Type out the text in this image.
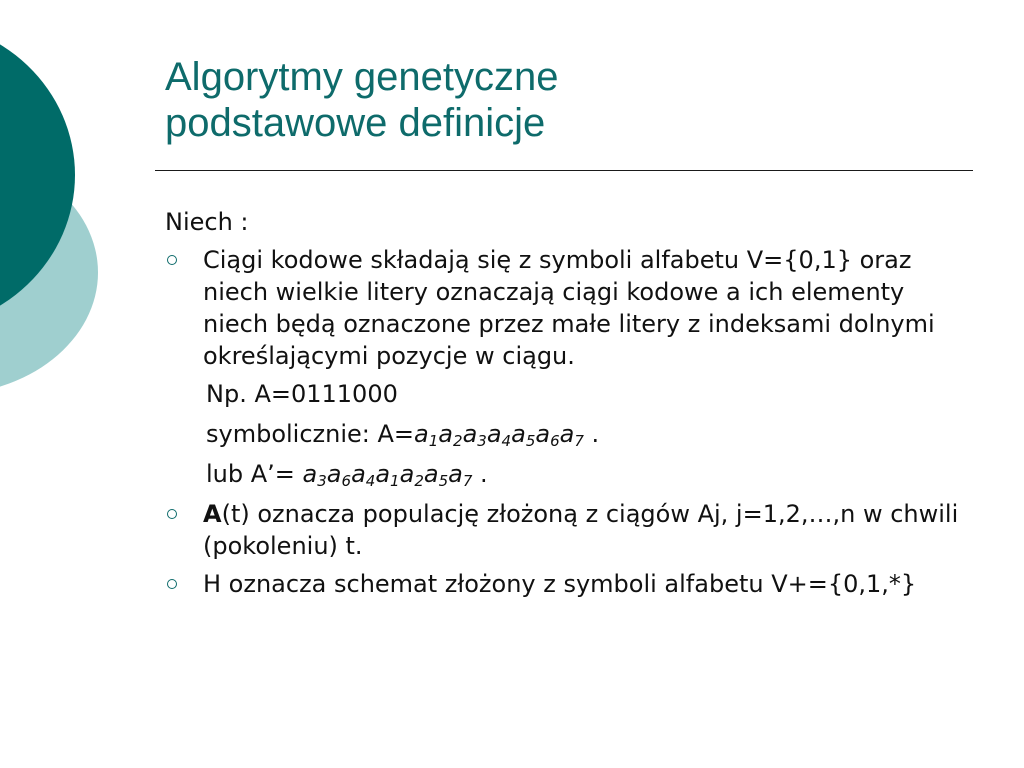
Algorytmy genetyczne
podstawowe definicje

Niech :

Ciągi kodowe składają się z symboli alfabetu V={0,1} oraz niech wielkie litery oznaczają ciągi kodowe a ich elementy niech będą oznaczone przez małe litery z indeksami dolnymi określającymi pozycje w ciągu.

Np. A=0111000

symbolicznie: $A=a_1a_2a_3a_4a_5a_6a_7$ .

lub A’= $a_3a_6a_4a_1a_2a_5a_7$ .

A(t) oznacza populację złożoną z ciągów Aj, j=1,2,…,n w chwili (pokoleniu) t.
H oznacza schemat złożony z symboli alfabetu V+={0,1,*}
